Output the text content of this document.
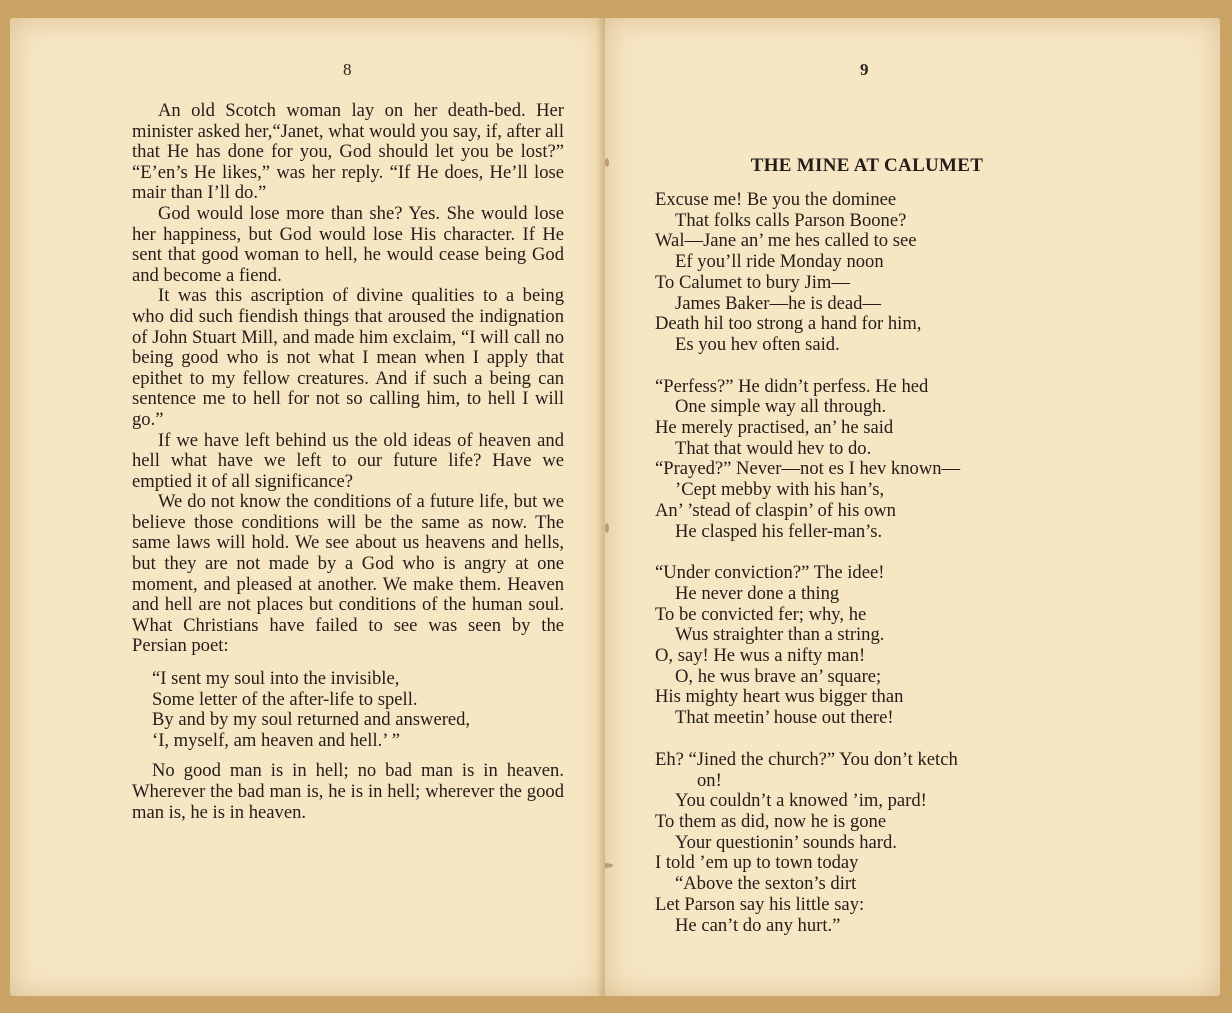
8

An old Scotch woman lay on her death-bed. Her minister asked her,“Janet, what would you say, if, after all that He has done for you, God should let you be lost?” “E’en’s He likes,” was her reply. “If He does, He’ll lose mair than I’ll do.”

God would lose more than she? Yes. She would lose her happiness, but God would lose His character. If He sent that good woman to hell, he would cease being God and become a fiend.

It was this ascription of divine qualities to a being who did such fiendish things that aroused the indignation of John Stuart Mill, and made him exclaim, “I will call no being good who is not what I mean when I apply that epithet to my fellow creatures. And if such a being can sentence me to hell for not so calling him, to hell I will go.”

If we have left behind us the old ideas of heaven and hell what have we left to our future life? Have we emptied it of all significance?

We do not know the conditions of a future life, but we believe those conditions will be the same as now. The same laws will hold. We see about us heavens and hells, but they are not made by a God who is angry at one moment, and pleased at another. We make them. Heaven and hell are not places but conditions of the human soul. What Christians have failed to see was seen by the Persian poet:

“I sent my soul into the invisible,
Some letter of the after-life to spell.
By and by my soul returned and answered,
‘I, myself, am heaven and hell.’ ”

No good man is in hell; no bad man is in heaven. Wherever the bad man is, he is in hell; wherever the good man is, he is in heaven.

9
THE MINE AT CALUMET
Excuse me! Be you the dominee
That folks calls Parson Boone?
Wal—Jane an’ me hes called to see
Ef you’ll ride Monday noon
To Calumet to bury Jim—
James Baker—he is dead—
Death hil too strong a hand for him,
Es you hev often said.
“Perfess?” He didn’t perfess. He hed
One simple way all through.
He merely practised, an’ he said
That that would hev to do.
“Prayed?” Never—not es I hev known—
’Cept mebby with his han’s,
An’ ’stead of claspin’ of his own
He clasped his feller-man’s.
“Under conviction?” The idee!
He never done a thing
To be convicted fer; why, he
Wus straighter than a string.
O, say! He wus a nifty man!
O, he wus brave an’ square;
His mighty heart wus bigger than
That meetin’ house out there!
Eh? “Jined the church?” You don’t ketch
on!
You couldn’t a knowed ’im, pard!
To them as did, now he is gone
Your questionin’ sounds hard.
I told ’em up to town today
“Above the sexton’s dirt
Let Parson say his little say:
He can’t do any hurt.”
